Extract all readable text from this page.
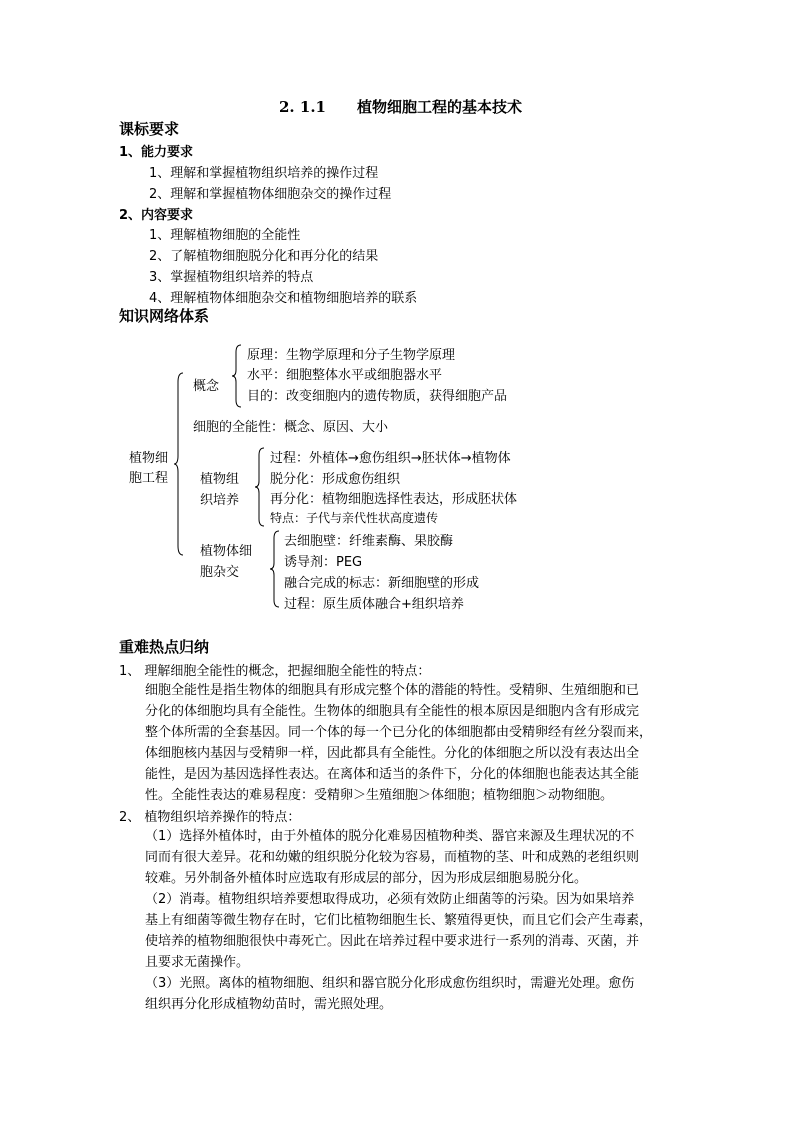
2. 1.1 植物细胞工程的基本技术
课标要求
1、能力要求
1、理解和掌握植物组织培养的操作过程
2、理解和掌握植物体细胞杂交的操作过程
2、内容要求
1、理解植物细胞的全能性
2、了解植物细胞脱分化和再分化的结果
3、掌握植物组织培养的特点
4、理解植物体细胞杂交和植物细胞培养的联系
知识网络体系
植物细
胞工程
概念
原理：生物学原理和分子生物学原理
水平：细胞整体水平或细胞器水平
目的：改变细胞内的遗传物质，获得细胞产品
细胞的全能性：概念、原因、大小
植物组
织培养
过程：外植体→愈伤组织→胚状体→植物体
脱分化：形成愈伤组织
再分化：植物细胞选择性表达，形成胚状体
特点：子代与亲代性状高度遗传
植物体细
胞杂交
去细胞壁：纤维素酶、果胶酶
诱导剂：PEG
融合完成的标志：新细胞壁的形成
过程：原生质体融合+组织培养
重难热点归纳
1、 理解细胞全能性的概念，把握细胞全能性的特点：
细胞全能性是指生物体的细胞具有形成完整个体的潜能的特性。受精卵、生殖细胞和已
分化的体细胞均具有全能性。生物体的细胞具有全能性的根本原因是细胞内含有形成完
整个体所需的全套基因。同一个体的每一个已分化的体细胞都由受精卵经有丝分裂而来，
体细胞核内基因与受精卵一样，因此都具有全能性。分化的体细胞之所以没有表达出全
能性，是因为基因选择性表达。在离体和适当的条件下，分化的体细胞也能表达其全能
性。全能性表达的难易程度：受精卵＞生殖细胞＞体细胞；植物细胞＞动物细胞。
2、 植物组织培养操作的特点：
（1）选择外植体时，由于外植体的脱分化难易因植物种类、器官来源及生理状况的不
同而有很大差异。花和幼嫩的组织脱分化较为容易，而植物的茎、叶和成熟的老组织则
较难。另外制备外植体时应选取有形成层的部分，因为形成层细胞易脱分化。
（2）消毒。植物组织培养要想取得成功，必须有效防止细菌等的污染。因为如果培养
基上有细菌等微生物存在时，它们比植物细胞生长、繁殖得更快，而且它们会产生毒素，
使培养的植物细胞很快中毒死亡。因此在培养过程中要求进行一系列的消毒、灭菌，并
且要求无菌操作。
（3）光照。离体的植物细胞、组织和器官脱分化形成愈伤组织时，需避光处理。愈伤
组织再分化形成植物幼苗时，需光照处理。
